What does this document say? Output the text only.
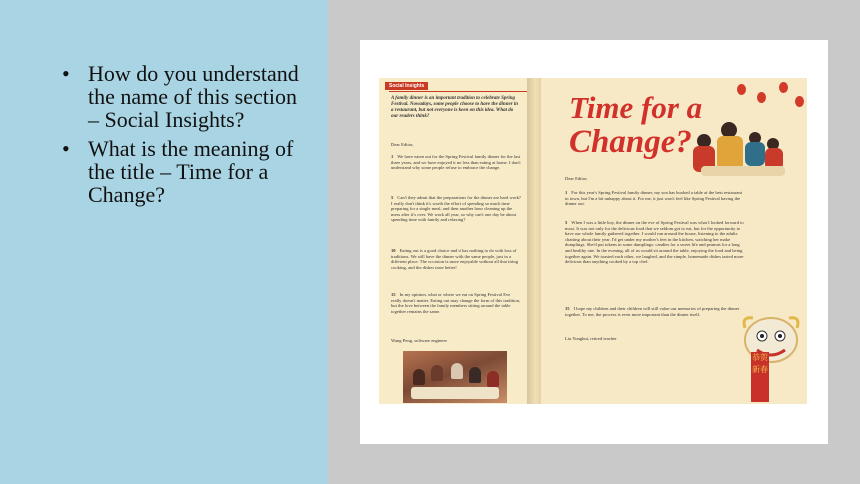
• How do you understand the name of this section – Social Insights?
• What is the meaning of the title – Time for a Change?
Social Insights
A family dinner is an important tradition to celebrate Spring Festival. Nowadays, some people choose to have the dinner in a restaurant, but not everyone is keen on this idea. What do our readers think?
Dear Editor,
1 We have eaten out for the Spring Festival family dinner for the last three years, and we have enjoyed it no less than eating at home. I don't understand why some people refuse to embrace the change.
5 Can't they admit that the preparations for the dinner are hard work? I really don't think it's worth the effort of spending so much time preparing for a single meal, and then another hour cleaning up the mess after it's over. We work all year, so why can't one day be about spending time with family and relaxing?
10 Eating out is a good choice and it has nothing to do with loss of traditions. We still have the dinner with the same people, just in a different place. The occasion is more enjoyable without all that tiring cooking, and the dishes taste better!
15 In my opinion, what or where we eat on Spring Festival Eve really doesn't matter. Eating out may change the form of this tradition, but the love between the family members sitting around the table together remains the same.
Wang Peng, software engineer
Time for a
Change?
Dear Editor,
1 For this year's Spring Festival family dinner, my son has booked a table at the best restaurant in town, but I'm a bit unhappy about it. For me, it just won't feel like Spring Festival having the dinner out.
5 When I was a little boy, the dinner on the eve of Spring Festival was what I looked forward to most. It was not only for the delicious food that we seldom got to eat, but for the opportunity to have our whole family gathered together. I would run around the house, listening to the adults chatting about their year. I'd get under my mother's feet in the kitchen, watching her make dumplings. She'd put tokens in some dumplings: candies for a sweet life and peanuts for a long and healthy one. In the evening, all of us would sit around the table, enjoying the food and being together again. We toasted each other, we laughed, and the simple, homemade dishes tasted more delicious than anything cooked by a top chef.
15 I hope my children and their children will still value our memories of preparing the dinner together. To me, the process is even more important than the dinner itself.
Liu Yonghui, retired teacher
恭贺新春
